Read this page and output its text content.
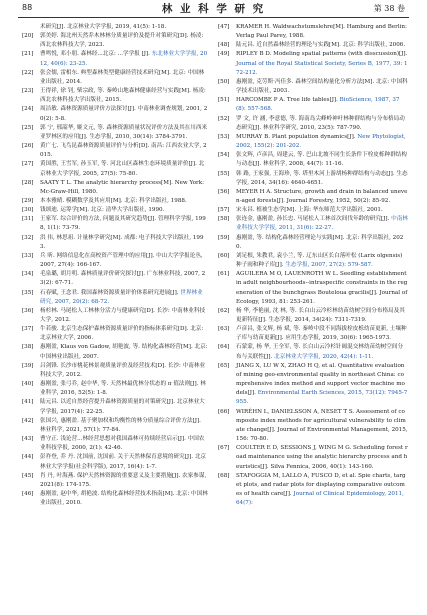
88	林 业 科 学 研 究	第 38 卷
术研究[J]. 北京林业大学学报, 2019, 41(5): 1-18.
[20] 郭美婷. 海北州天然乔木林林分质量评价及提升对策研究[D]. 杨凌: 西北农林科技大学, 2023.
[21] 曹鸣悦, 邓小朋. 森林经...北京: ...学学报 [J]. 东北林业大学学报, 2012, 40(6): 23-25.
[22] 张会儒, 雷相东. 典型森林类型健康经营技术研究[M]. 北京: 中国林业出版社, 2014.
[23] 王得祥, 徐 钊, 柴宗政, 等. 秦岭山地森林健康经营与实践[M]. 杨凌: 西北农林科技大学出版社, 2015.
[24] 周洁敏. 森林资源质量评价方法探讨[J]. 中南林业调查规划, 2001, 20(2): 5-8.
[25] 郭 宁, 邢韶华, 姬文元, 等. 森林资源质量状况评价方法及其在川西米亚罗林区的应用[J]. 生态学报, 2010, 30(14): 3784-3791.
[26] 黄广七. 飞鸟昆森林资源质量评价与分析[D]. 南昌: 江西农业大学, 2015.
[27] 黄国胜, 王雪军, 孙玉军, 等. 河北山区森林生态环境质量评价[J]. 北京林业大学学报, 2005, 27(5): 75-80.
[28] SAATY T L. The analytic hierarchy process[M]. New York: Mc-Graw-Hill, 1980.
[29] 本本雅晴. 模糊数学及其应用[M]. 北京: 科学出版社, 1988.
[30] 钱颂迪. 运筹学[M]. 北京: 清华大学出版社, 1990.
[31] 王家军. 综合评价的方法, 问题及其研究趋势[J]. 管理科学学报, 1998, 1(1): 73-79.
[32] 洪 伟, 林思祖. 计量林学研究[M]. 成都: 电子科技大学出版社, 1993.
[33] 兵 昕. 网络信息化在高校资产管理中的应用[J]. 中山大学学报论丛, 2007, 27(4): 166-167.
[34] 毛泉璐, 胡月明. 森林质量评价研究探讨[J]. 广东林业科技, 2007, 23(2): 67-71.
[35] 石春赋, 王念君. 我国森林资源质量评价体系研究进展[J]. 世界林业研究, 2007, 20(2): 68-72.
[36] 杨杉林. 马尾松人工林林分活力与健康研究[D]. 长沙: 中南林业科技大学, 2012.
[37] 牛若骏. 北京生态保护森林资源质量评价的指标体系研究[D]. 北京: 北京林业大学, 2006.
[38] 惠刚盈, Klaus von Gadow, 胡艳波, 等. 结构化森林经营[M]. 北京: 中国林业出版社, 2007.
[39] 吕剑锋. 长沙市桃花林景观质量评价及经营技术[D]. 长沙: 中南林业科技大学, 2012.
[40] 惠刚盈, 张弓乔, 赵中华, 等. 天然林最优林分状态的 π 值法则[J]. 林业科学, 2016, 52(5): 1-8.
[41] 陆元昌. 以近自然经营提升森林资源质量的对策研究[J]. 北京林业大学学报, 2017(4): 22-25.
[42] 张国兴, 惠刚盈. 基于聚加权和均衡性的林分质量综合评价方法[J]. 林业科学, 2021, 57(1): 77-84.
[43] 曹守正. 浅论营...林经营思想对我国森林可持续经营启示[J]. 中国农业科技学报, 2000, 2(1): 42-46.
[44] 彭祚登, 乔 丹. 沈国前, 沈国前. 关于天然林保育意境的研究[J]. 北京林业大学学报(社会科学版), 2017, 16(4): 1-7.
[45] 肖 丹, 叶海燕. 保护天然林资源的重要意义及主要措施[J]. 农家参谋, 2021(8): 174-175.
[46] 惠刚盈, 赵中华, 胡艳波. 结构化森林经营技术指南[M]. 北京: 中国林业出版社, 2010.
[47] KRAMER H. Waldwachstumslehre[M]. Hamburg and Berlin: Verlag Paul Parey, 1988.
[48] 陆元昌. 近自然森林经营的理论与实践[M]. 北京: 科学出版社, 2006.
[49] RIPLEY B D. Modeling spatial patterns (with disscussion)[J]. Journal of the Royal Statistical Society, Series B, 1977, 39: 172-212.
[50] 惠刚盈, 克劳斯·冯佳多. 森林空间结构量化分析方法[M]. 北京: 中国科学技术出版社, 2003.
[51] HARCOMBE P A. Tree life tables[J]. BioScience, 1987, 37(8): 557-568.
[52] 罗 文, 许 涵, 李意德, 等. 海南岛尖峰岭神叶林种群结构与分布格局动态研究[J]. 林业科学研究, 2010, 23(5): 787-790.
[53] MURRAY B. Plant population dynamics[J]. New Phytologist, 2002, 155(2): 201-202.
[54] 张文辉, 卢彦昌, 周建云, 等. 巴山北坡不同生长条件下栓皮栎种群结构与动态[J]. 林业科学, 2008, 44(7): 11-16.
[55] 韩 路, 王家强, 王海珍, 等. 塔里木河上游胡杨种群结构与动态[J]. 生态学报, 2014, 34(16): 4640-4651.
[56] MEYER H A. Structure, growth and drain in balanced uneven-aged forests[J]. Journal Forestry, 1952, 50(2): 85-92.
[57] 宋永昌. 植被生态学[M]. 上海: 华东师范大学出版社, 2001.
[58] 张连金, 惠刚盈, 孙长忠. 马尾松人工林首次间伐年龄的研究[J]. 中南林业科技大学学报, 2011, 31(6): 22-27.
[59] 惠刚盈, 等. 结构化森林经营理论与实践[M]. 北京: 科学出版社, 2020.
[60] 刘足根, 朱教君, 袁小兰, 等. 辽东山区长白落叶松 (Larix olgensis) 种子雨和种子库[J]. 生态学报, 2007, 27(2): 579-587.
[61] AGUILERA M O, LAUENROTH W L. Seedling establishment in adult neighbourhoods--intraspecific constraints in the regeneration of the bunchgrass Bouteloua gracilis[J]. Journal of Ecology, 1993, 81: 253-261.
[62] 杨 华, 李艳丽, 沈 林, 等. 长白山云冷杉林幼苗幼树空间分布格局及其更新特征[J]. 生态学报, 2014, 34(24): 7311-7319.
[63] 卢彦昌, 张文辉, 杨 斌, 等. 秦岭中段不同海拔栓皮栎幼苗更新, 土壤种子库与幼苗更新[J]. 应用生态学报, 2019, 30(6): 1965-1973.
[64] 石蒙蒙, 杨 华, 王全军, 等. 长白山云冷杉针阔混交林幼苗幼树空间分布与关联性[J]. 北京林业大学学报, 2020, 42(4): 1-11.
[65] JIANG X, LU W X, ZHAO H Q, et al. Quantitative evaluation of mining geo-environmental quality in northeast China: comprehensive index method and support vector machine models[J]. Environmental Earth Sciences, 2015, 73(12): 7945-7955.
[66] WIRÉHN L, DANIELSSON A, NESET T S. Assessment of composite index methods for agricultural vulnerability to climate change[J]. Journal of Environmental Management, 2015, 156: 70-80.
[67] COULTER E D, SESSIONS J, WING M G. Scheduling forest road maintenance using the analytic hierarchy process and heuristics[J]. Silva Fennica, 2006, 40(1): 143-160.
[68] STAFOGGIA M, LALLO A, FUSCO D, et al. Spie charts, target plots, and radar plots for displaying comparative outcomes of health care[J]. Journal of Clinical Epidemiology, 2011, 64(7):
